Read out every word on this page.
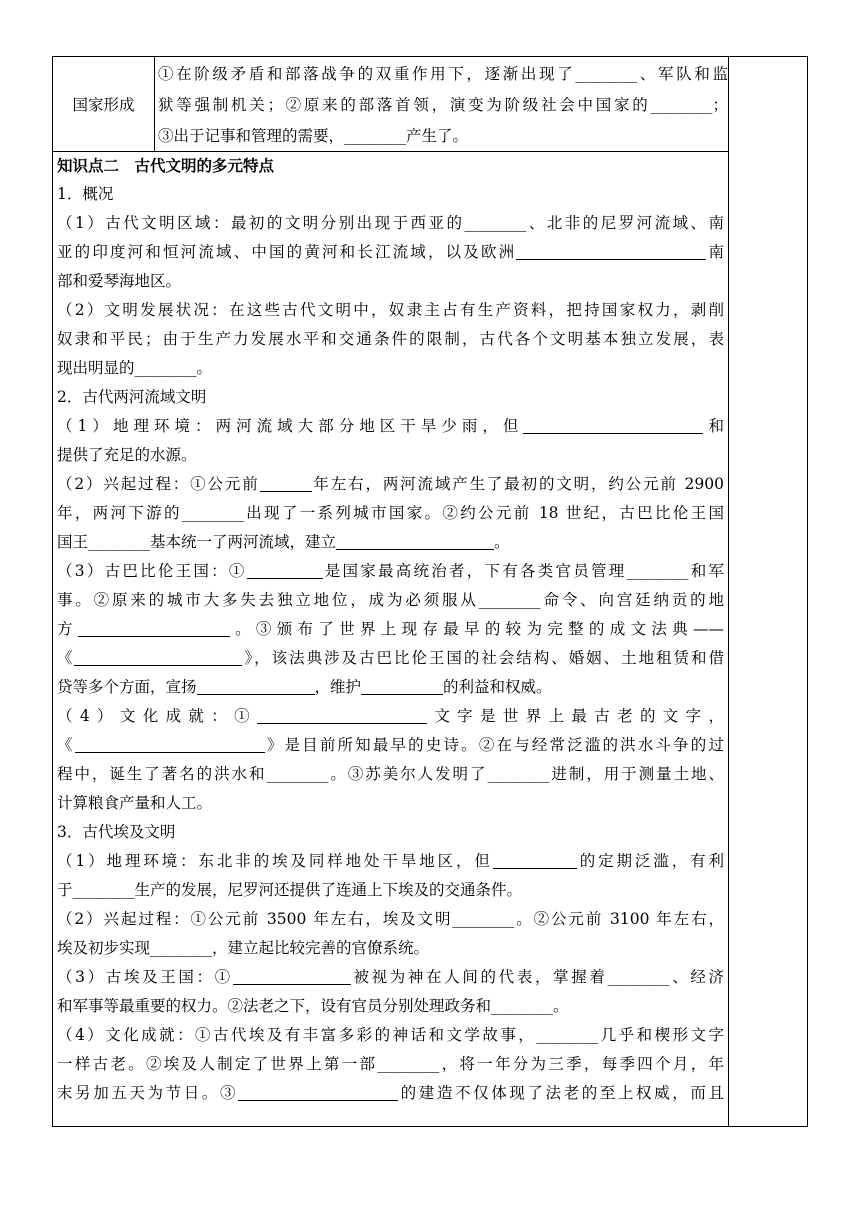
国家形成
①在阶级矛盾和部落战争的双重作用下，逐渐出现了________、军队和监
狱等强制机关；②原来的部落首领，演变为阶级社会中国家的________；
③出于记事和管理的需要，________产生了。

知识点二　古代文明的多元特点

1．概况

（1）古代文明区域：最初的文明分别出现于西亚的________、北非的尼罗河流域、南

亚的印度河和恒河流域、中国的黄河和长江流域，以及欧洲	南

部和爱琴海地区。

（2）文明发展状况：在这些古代文明中，奴隶主占有生产资料，把持国家权力，剥削

奴隶和平民；由于生产力发展水平和交通条件的限制，古代各个文明基本独立发展，表

现出明显的________。

2．古代两河流域文明

（1）地理环境：两河流域大部分地区干旱少雨，但	和

提供了充足的水源。

（2）兴起过程：①公元前	年左右，两河流域产生了最初的文明，约公元前 2900

年，两河下游的________出现了一系列城市国家。②约公元前 18 世纪，古巴比伦王国

国王________基本统一了两河流域，建立	。

（3）古巴比伦王国：①	是国家最高统治者，下有各类官员管理________和军

事。②原来的城市大多失去独立地位，成为必须服从________命令、向宫廷纳贡的地

方	。③颁布了世界上现存最早的较为完整的成文法典——

《	》，该法典涉及古巴比伦王国的社会结构、婚姻、土地租赁和借

贷等多个方面，宣扬	，维护	的利益和权威。

（4）文化成就：①	文字是世界上最古老的文字，

《	》是目前所知最早的史诗。②在与经常泛滥的洪水斗争的过

程中，诞生了著名的洪水和________。③苏美尔人发明了________进制，用于测量土地、

计算粮食产量和人工。

3．古代埃及文明

（1）地理环境：东北非的埃及同样地处干旱地区，但	的定期泛滥，有利

于________生产的发展，尼罗河还提供了连通上下埃及的交通条件。

（2）兴起过程：①公元前 3500 年左右，埃及文明________。②公元前 3100 年左右，

埃及初步实现________，建立起比较完善的官僚系统。

（3）古埃及王国：①	被视为神在人间的代表，掌握着________、经济

和军事等最重要的权力。②法老之下，设有官员分别处理政务和________。

（4）文化成就：①古代埃及有丰富多彩的神话和文学故事，________几乎和楔形文字

一样古老。②埃及人制定了世界上第一部________，将一年分为三季，每季四个月，年

末另加五天为节日。③	的建造不仅体现了法老的至上权威，而且
